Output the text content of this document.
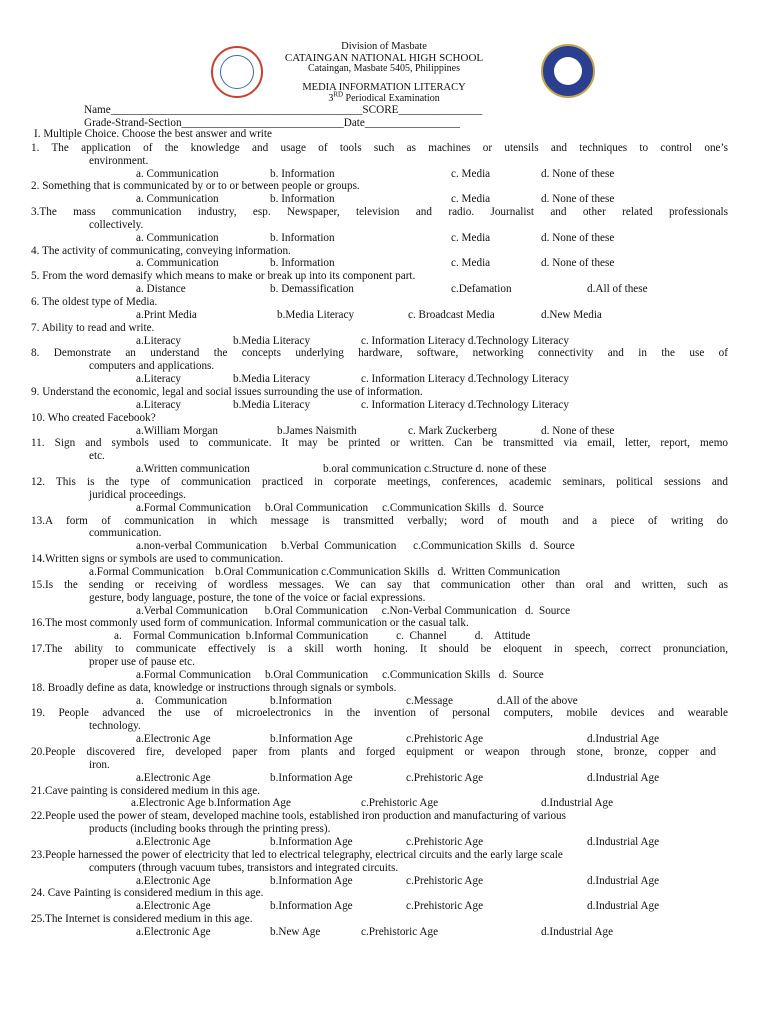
Division of Masbate
CATAINGAN NATIONAL HIGH SCHOOL
Cataingan, Masbate 5405, Philippines
MEDIA INFORMATION LITERACY
3RD Periodical Examination
Name_____________________________________________SCORE_______________
Grade-Strand-Section_____________________________Date_________________
I. Multiple Choice. Choose the best answer and write
1. The application of the knowledge and usage of tools such as machines or utensils and techniques to control one’s
environment.
a. Communication	b. Information	c. Media	d. None of these
2. Something that is communicated by or to or between people or groups.
a. Communication	b. Information	c. Media	d. None of these
3.The mass communication industry, esp. Newspaper, television and radio. Journalist and other related professionals
collectively.
a. Communication	b. Information	c. Media	d. None of these
4. The activity of communicating, conveying information.
a. Communication	b. Information	c. Media	d. None of these
5. From the word demasify which means to make or break up into its component part.
a. Distance	b. Demassification	c.Defamation	d.All of these
6. The oldest type of Media.
a.Print Media	b.Media Literacy	c. Broadcast Media	d.New Media
7. Ability to read and write.
a.Literacy	b.Media Literacy	c. Information Literacy d.Technology Literacy
8. Demonstrate an understand the concepts underlying hardware, software, networking connectivity and in the use of
computers and applications.
a.Literacy	b.Media Literacy	c. Information Literacy d.Technology Literacy
9. Understand the economic, legal and social issues surrounding the use of information.
a.Literacy	b.Media Literacy	c. Information Literacy d.Technology Literacy
10. Who created Facebook?
a.William Morgan	b.James Naismith	c. Mark Zuckerberg	d. None of these
11. Sign and symbols used to communicate. It may be printed or written. Can be transmitted via email, letter, report, memo
etc.
a.Written communication	b.oral communication c.Structure d. none of these
12. This is the type of communication practiced in corporate meetings, conferences, academic seminars, political sessions and
juridical proceedings.
a.Formal Communication     b.Oral Communication     c.Communication Skills   d.  Source
13.A form of communication in which message is transmitted verbally; word of mouth and a piece of writing do
communication.
a.non-verbal Communication     b.Verbal  Communication      c.Communication Skills   d.  Source
14.Written signs or symbols are used to communication.
a.Formal Communication    b.Oral Communication c.Communication Skills   d.  Written Communication
15.Is the sending or receiving of wordless messages. We can say that communication other than oral and written, such as
gesture, body language, posture, the tone of the voice or facial expressions.
a.Verbal Communication      b.Oral Communication     c.Non-Verbal Communication   d.  Source
16.The most commonly used form of communication. Informal communication or the casual talk.
a.    Formal Communication  b.Informal Communication          c.  Channel          d.    Attitude
17.The ability to communicate effectively is a skill worth honing. It should be eloquent in speech, correct pronunciation,
proper use of pause etc.
a.Formal Communication     b.Oral Communication     c.Communication Skills   d.  Source
18. Broadly define as data, knowledge or instructions through signals or symbols.
a.    Communication	b.Information	c.Message	d.All of the above
19. People advanced the use of microelectronics in the invention of personal computers, mobile devices and wearable
technology.
a.Electronic Age	b.Information Age	c.Prehistoric Age	d.Industrial Age
20.People discovered fire, developed paper from plants and forged equipment or weapon through stone, bronze, copper and
iron.
a.Electronic Age	b.Information Age	c.Prehistoric Age	d.Industrial Age
21.Cave painting is considered medium in this age.
a.Electronic Age b.Information Age	c.Prehistoric Age	d.Industrial Age
22.People used the power of steam, developed machine tools, established iron production and manufacturing of various
products (including books through the printing press).
a.Electronic Age	b.Information Age	c.Prehistoric Age	d.Industrial Age
23.People harnessed the power of electricity that led to electrical telegraphy, electrical circuits and the early large scale
computers (through vacuum tubes, transistors and integrated circuits.
a.Electronic Age	b.Information Age	c.Prehistoric Age	d.Industrial Age
24. Cave Painting is considered medium in this age.
a.Electronic Age	b.Information Age	c.Prehistoric Age	d.Industrial Age
25.The Internet is considered medium in this age.
a.Electronic Age	b.New Age	c.Prehistoric Age	d.Industrial Age
